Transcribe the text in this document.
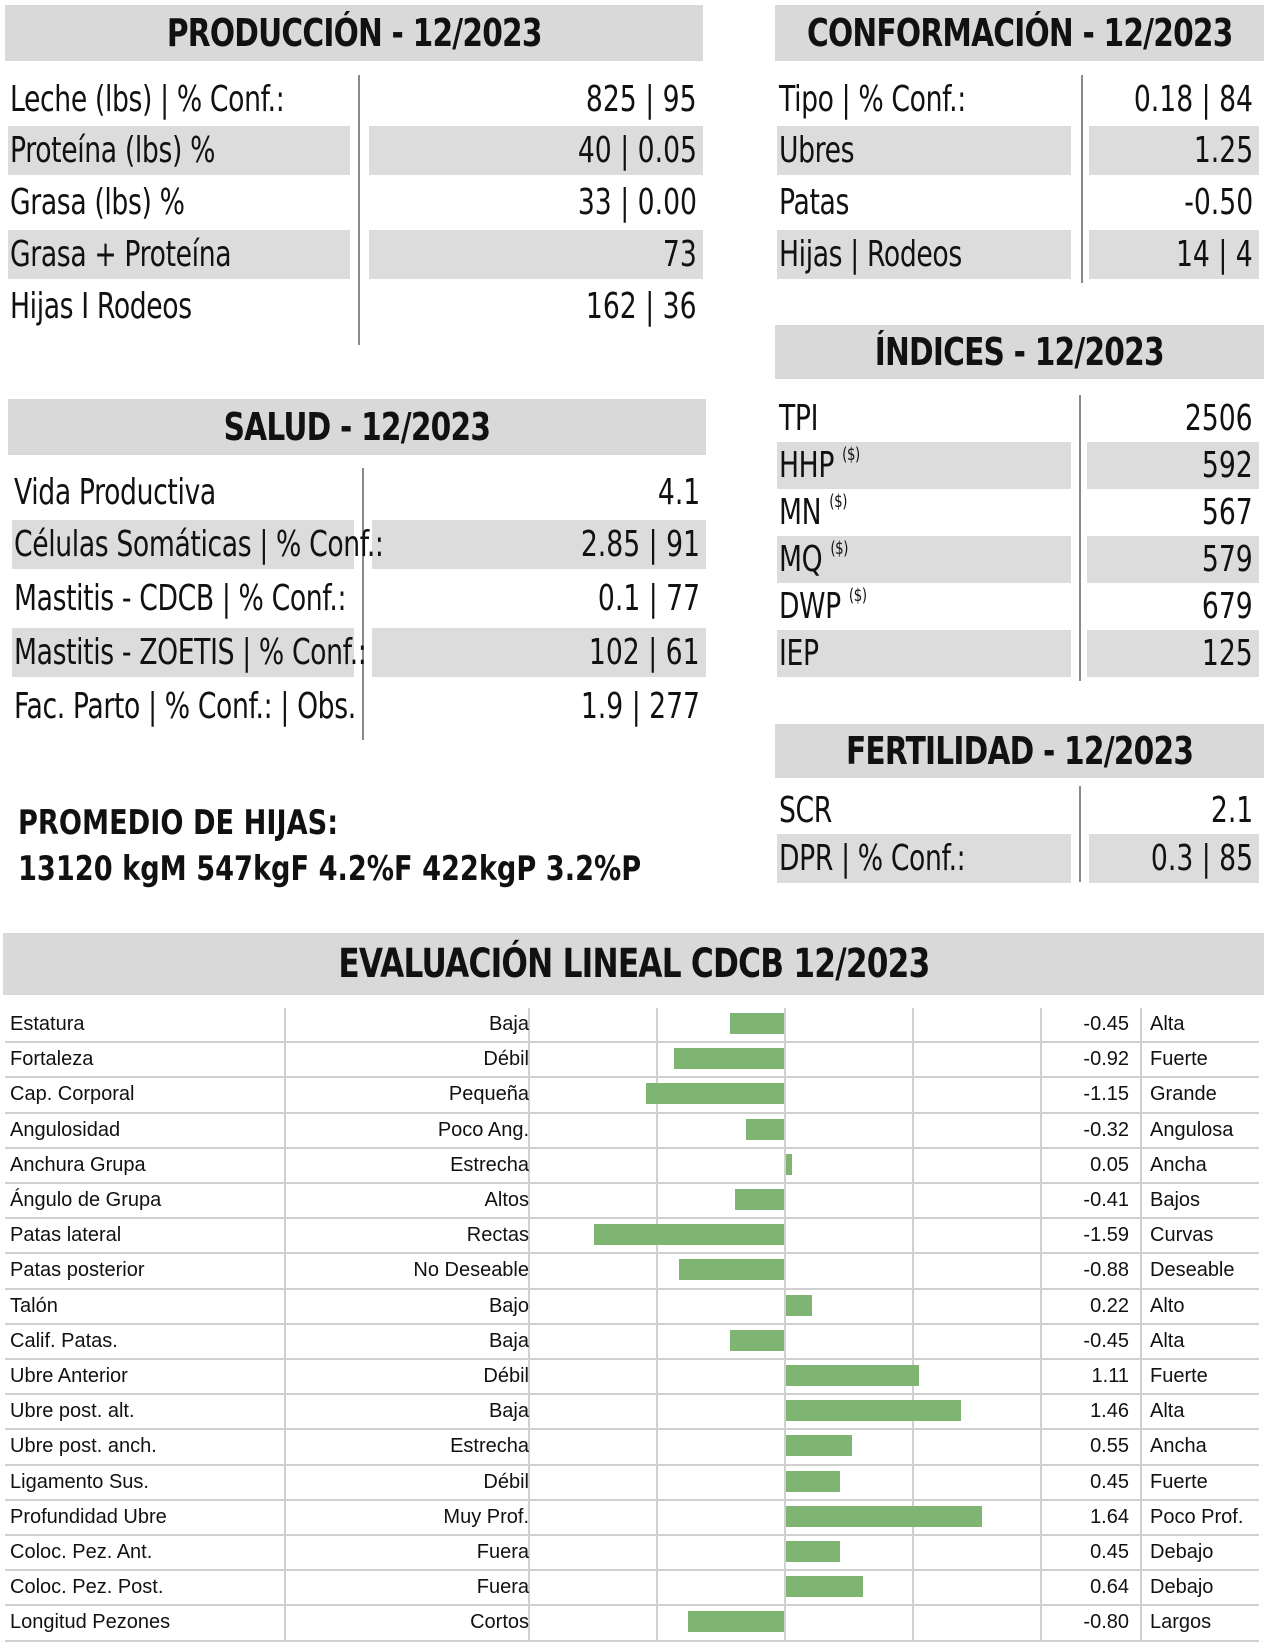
PRODUCCIÓN - 12/2023
Leche (lbs) | % Conf.:	825 | 95
Proteína (lbs) %	40 | 0.05
Grasa (lbs) %	33 | 0.00
Grasa + Proteína	73
Hijas I Rodeos	162 | 36
CONFORMACIÓN - 12/2023
Tipo | % Conf.:	0.18 | 84
Ubres	1.25
Patas	-0.50
Hijas | Rodeos	14 | 4
ÍNDICES - 12/2023
TPI	2506
HHP ($)	592
MN ($)	567
MQ ($)	579
DWP ($)	679
IEP	125
SALUD - 12/2023
Vida Productiva	4.1
Células Somáticas | % Conf.:	2.85 | 91
Mastitis - CDCB | % Conf.:	0.1 | 77
Mastitis - ZOETIS | % Conf.:	102 | 61
Fac. Parto | % Conf.: | Obs.	1.9 | 277
FERTILIDAD - 12/2023
SCR	2.1
DPR | % Conf.:	0.3 | 85
PROMEDIO DE HIJAS:
13120 kgM 547kgF 4.2%F 422kgP 3.2%P
EVALUACIÓN LINEAL CDCB 12/2023
Estatura	Baja	-0.45 Alta
Fortaleza	Débil	-0.92 Fuerte
Cap. Corporal	Pequeña	-1.15 Grande
Angulosidad	Poco Ang.	-0.32 Angulosa
Anchura Grupa	Estrecha	0.05 Ancha
Ángulo de Grupa	Altos	-0.41 Bajos
Patas lateral	Rectas	-1.59 Curvas
Patas posterior	No Deseable	-0.88 Deseable
Talón	Bajo	0.22 Alto
Calif. Patas.	Baja	-0.45 Alta
Ubre Anterior	Débil	1.11 Fuerte
Ubre post. alt.	Baja	1.46 Alta
Ubre post. anch.	Estrecha	0.55 Ancha
Ligamento Sus.	Débil	0.45 Fuerte
Profundidad Ubre	Muy Prof.	1.64 Poco Prof.
Coloc. Pez. Ant.	Fuera	0.45 Debajo
Coloc. Pez. Post.	Fuera	0.64 Debajo
Longitud Pezones	Cortos	-0.80 Largos
